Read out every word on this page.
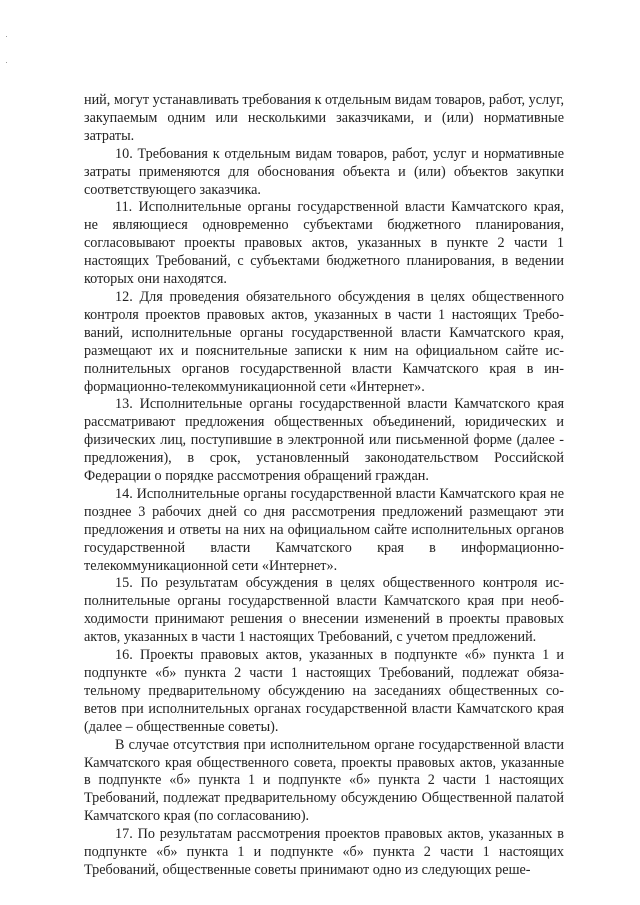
ний, могут устанавливать требования к отдельным видам товаров, работ, услуг, закупаемым одним или несколькими заказчиками, и (или) нормативные затраты.

10. Требования к отдельным видам товаров, работ, услуг и нормативные затраты применяются для обоснования объекта и (или) объектов закупки соответствующего заказчика.

11. Исполнительные органы государственной власти Камчатского края, не являющиеся одновременно субъектами бюджетного планирования, согласовывают проекты правовых актов, указанных в пункте 2 части 1 настоящих Требований, с субъектами бюджетного планирования, в ведении которых они находятся.

12. Для проведения обязательного обсуждения в целях общественного контроля проектов правовых актов, указанных в части 1 настоящих Требований, исполнительные органы государственной власти Камчатского края, размещают их и пояснительные записки к ним на официальном сайте исполнительных органов государственной власти Камчатского края в информационно-телекоммуникационной сети «Интернет».

13. Исполнительные органы государственной власти Камчатского края рассматривают предложения общественных объединений, юридических и физических лиц, поступившие в электронной или письменной форме (далее - предложения), в срок, установленный законодательством Российской Федерации о порядке рассмотрения обращений граждан.

14. Исполнительные органы государственной власти Камчатского края не позднее 3 рабочих дней со дня рассмотрения предложений размещают эти предложения и ответы на них на официальном сайте исполнительных органов государственной власти Камчатского края в информационно-телекоммуникационной сети «Интернет».

15. По результатам обсуждения в целях общественного контроля исполнительные органы государственной власти Камчатского края при необходимости принимают решения о внесении изменений в проекты правовых актов, указанных в части 1 настоящих Требований, с учетом предложений.

16. Проекты правовых актов, указанных в подпункте «б» пункта 1 и подпункте «б» пункта 2 части 1 настоящих Требований, подлежат обязательному предварительному обсуждению на заседаниях общественных советов при исполнительных органах государственной власти Камчатского края (далее – общественные советы).

В случае отсутствия при исполнительном органе государственной власти Камчатского края общественного совета, проекты правовых актов, указанные в подпункте «б» пункта 1 и подпункте «б» пункта 2 части 1 настоящих Требований, подлежат предварительному обсуждению Общественной палатой Камчатского края (по согласованию).

17. По результатам рассмотрения проектов правовых актов, указанных в подпункте «б» пункта 1 и подпункте «б» пункта 2 части 1 настоящих Требований, общественные советы принимают одно из следующих реше-
